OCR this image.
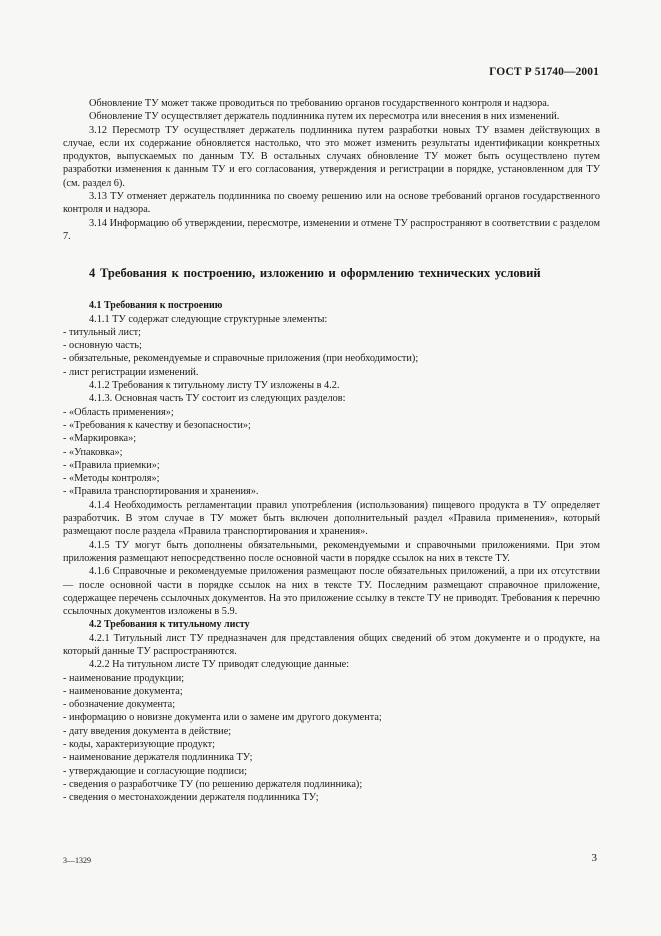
ГОСТ Р 51740—2001

Обновление ТУ может также проводиться по требованию органов государственного контроля и надзора.

Обновление ТУ осуществляет держатель подлинника путем их пересмотра или внесения в них изменений.

3.12 Пересмотр ТУ осуществляет держатель подлинника путем разработки новых ТУ взамен действующих в случае, если их содержание обновляется настолько, что это может изменить результаты идентификации конкретных продуктов, выпускаемых по данным ТУ. В остальных случаях обновление ТУ может быть осуществлено путем разработки изменения к данным ТУ и его согласования, утверждения и регистрации в порядке, установленном для ТУ (см. раздел 6).

3.13 ТУ отменяет держатель подлинника по своему решению или на основе требований органов государственного контроля и надзора.

3.14 Информацию об утверждении, пересмотре, изменении и отмене ТУ распространяют в соответствии с разделом 7.

4 Требования к построению, изложению и оформлению технических условий

4.1 Требования к построению

4.1.1 ТУ содержат следующие структурные элементы:

- титульный лист;

- основную часть;

- обязательные, рекомендуемые и справочные приложения (при необходимости);

- лист регистрации изменений.

4.1.2 Требования к титульному листу ТУ изложены в 4.2.

4.1.3. Основная часть ТУ состоит из следующих разделов:

- «Область применения»;

- «Требования к качеству и безопасности»;

- «Маркировка»;

- «Упаковка»;

- «Правила приемки»;

- «Методы контроля»;

- «Правила транспортирования и хранения».

4.1.4 Необходимость регламентации правил употребления (использования) пищевого продукта в ТУ определяет разработчик. В этом случае в ТУ может быть включен дополнительный раздел «Правила применения», который размещают после раздела «Правила транспортирования и хранения».

4.1.5 ТУ могут быть дополнены обязательными, рекомендуемыми и справочными приложениями. При этом приложения размещают непосредственно после основной части в порядке ссылок на них в тексте ТУ.

4.1.6 Справочные и рекомендуемые приложения размещают после обязательных приложений, а при их отсутствии — после основной части в порядке ссылок на них в тексте ТУ. Последним размещают справочное приложение, содержащее перечень ссылочных документов. На это приложение ссылку в тексте ТУ не приводят. Требования к перечню ссылочных документов изложены в 5.9.

4.2 Требования к титульному листу

4.2.1 Титульный лист ТУ предназначен для представления общих сведений об этом документе и о продукте, на который данные ТУ распространяются.

4.2.2 На титульном листе ТУ приводят следующие данные:

- наименование продукции;

- наименование документа;

- обозначение документа;

- информацию о новизне документа или о замене им другого документа;

- дату введения документа в действие;

- коды, характеризующие продукт;

- наименование держателя подлинника ТУ;

- утверждающие и согласующие подписи;

- сведения о разработчике ТУ (по решению держателя подлинника);

- сведения о местонахождении держателя подлинника ТУ;

3—1329	3
